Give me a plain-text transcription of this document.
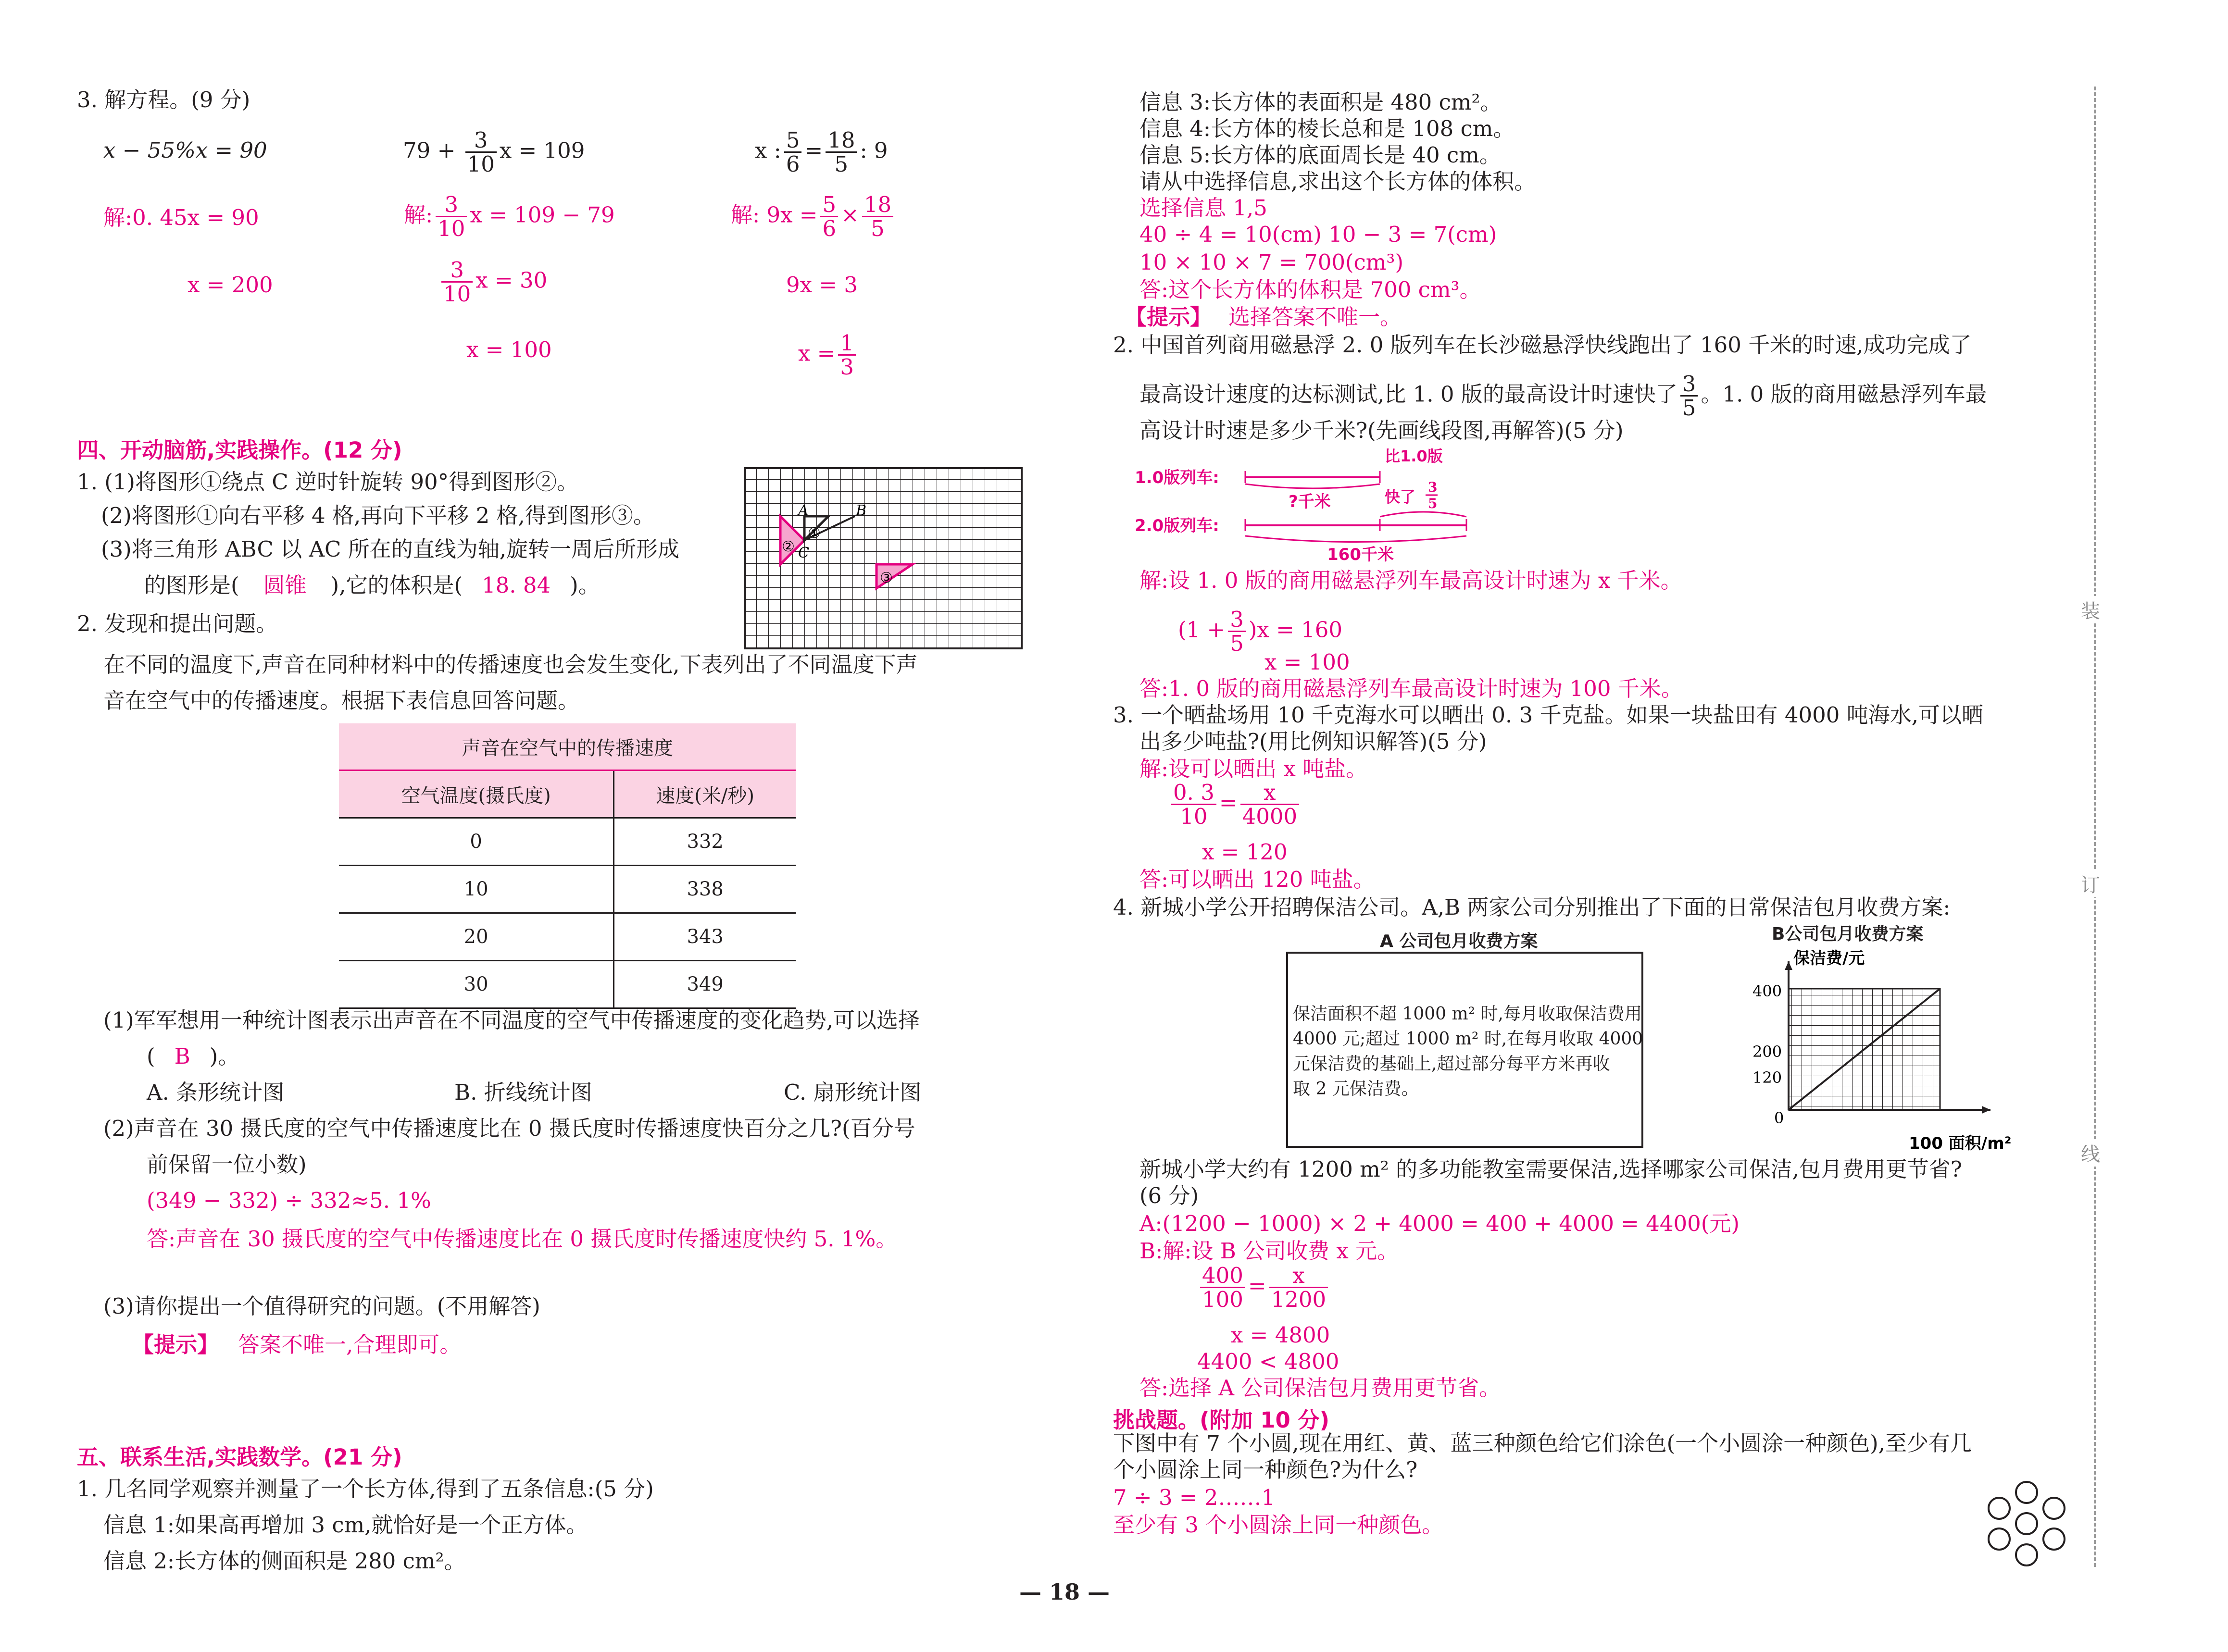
3. 解方程。(9 分)
x − 55%x = 90
解:0. 45x = 90
x = 200
$79 + \frac{3}{10}$ x = 109
解: $\frac{3}{10}$ x = 109 − 79
$\frac{3}{10}$ x = 30
x = 100
x : $\frac{5}{6} = \frac{18}{5}$ : 9
解: $9x = \frac{5}{6} \times \frac{18}{5}$
9x = 3
$x = \frac{1}{3}$
四、开动脑筋,实践操作。(12 分)
1. (1)将图形①绕点 C 逆时针旋转 90°得到图形②。
(2)将图形①向右平移 4 格,再向下平移 2 格,得到图形③。
(3)将三角形 ABC 以 AC 所在的直线为轴,旋转一周后所形成
的图形是( 圆锥 ),它的体积是( 18. 84 )。
A	B
C
①
②
③
2. 发现和提出问题。
在不同的温度下,声音在同种材料中的传播速度也会发生变化,下表列出了不同温度下声
音在空气中的传播速度。根据下表信息回答问题。
声音在空气中的传播速度	
空气温度(摄氏度)	速度(米/秒)
0	332
10	338
20	343
30	349
(1)军军想用一种统计图表示出声音在不同温度的空气中传播速度的变化趋势,可以选择
( B )。
A. 条形统计图	B. 折线统计图	C. 扇形统计图
(2)声音在 30 摄氏度的空气中传播速度比在 0 摄氏度时传播速度快百分之几?(百分号
前保留一位小数)
(349 − 332) ÷ 332≈5. 1%
答:声音在 30 摄氏度的空气中传播速度比在 0 摄氏度时传播速度快约 5. 1%。
(3)请你提出一个值得研究的问题。(不用解答)
【提示】 答案不唯一,合理即可。
五、联系生活,实践数学。(21 分)
1. 几名同学观察并测量了一个长方体,得到了五条信息:(5 分)
信息 1:如果高再增加 3 cm,就恰好是一个正方体。
信息 2:长方体的侧面积是 280 cm²。
信息 3:长方体的表面积是 480 cm²。
信息 4:长方体的棱长总和是 108 cm。
信息 5:长方体的底面周长是 40 cm。
请从中选择信息,求出这个长方体的体积。
选择信息 1,5
40 ÷ 4 = 10(cm) 10 − 3 = 7(cm)
10 × 10 × 7 = 700(cm³)
答:这个长方体的体积是 700 cm³。
【提示】 选择答案不唯一。
2. 中国首列商用磁悬浮 2. 0 版列车在长沙磁悬浮快线跑出了 160 千米的时速,成功完成了
最高设计速度的达标测试,比 1. 0 版的最高设计时速快了 $\frac{3}{5}$ 。1. 0 版的商用磁悬浮列车最
高设计时速是多少千米?(先画线段图,再解答)(5 分)
1.0版列车:
2.0版列车:
?千米
比1.0版
快了
3
5
160千米
解:设 1. 0 版的商用磁悬浮列车最高设计时速为 x 千米。
$(1 + \frac{3}{5} )x = 160$
x = 100
答:1. 0 版的商用磁悬浮列车最高设计时速为 100 千米。
3. 一个晒盐场用 10 千克海水可以晒出 0. 3 千克盐。如果一块盐田有 4000 吨海水,可以晒
出多少吨盐?(用比例知识解答)(5 分)
解:设可以晒出 x 吨盐。
$\frac{0. 3}{10} = \frac{x}{4000}$
x = 120
答:可以晒出 120 吨盐。
4. 新城小学公开招聘保洁公司。A,B 两家公司分别推出了下面的日常保洁包月收费方案:
A 公司包月收费方案
保洁面积不超 1000 m² 时,每月收取保洁费用
4000 元;超过 1000 m² 时,在每月收取 4000
元保洁费的基础上,超过部分每平方米再收
取 2 元保洁费。
B公司包月收费方案
保洁费/元
400
200
120
0
100 面积/m²
新城小学大约有 1200 m² 的多功能教室需要保洁,选择哪家公司保洁,包月费用更节省?
(6 分)
A:(1200 − 1000) × 2 + 4000 = 400 + 4000 = 4400(元)
B:解:设 B 公司收费 x 元。
$\frac{400}{100} = \frac{x}{1200}$
x = 4800
4400 < 4800
答:选择 A 公司保洁包月费用更节省。
挑战题。(附加 10 分)
下图中有 7 个小圆,现在用红、黄、蓝三种颜色给它们涂色(一个小圆涂一种颜色),至少有几
个小圆涂上同一种颜色?为什么?
7 ÷ 3 = 2……1
至少有 3 个小圆涂上同一种颜色。
装
订
线
— 18 —
